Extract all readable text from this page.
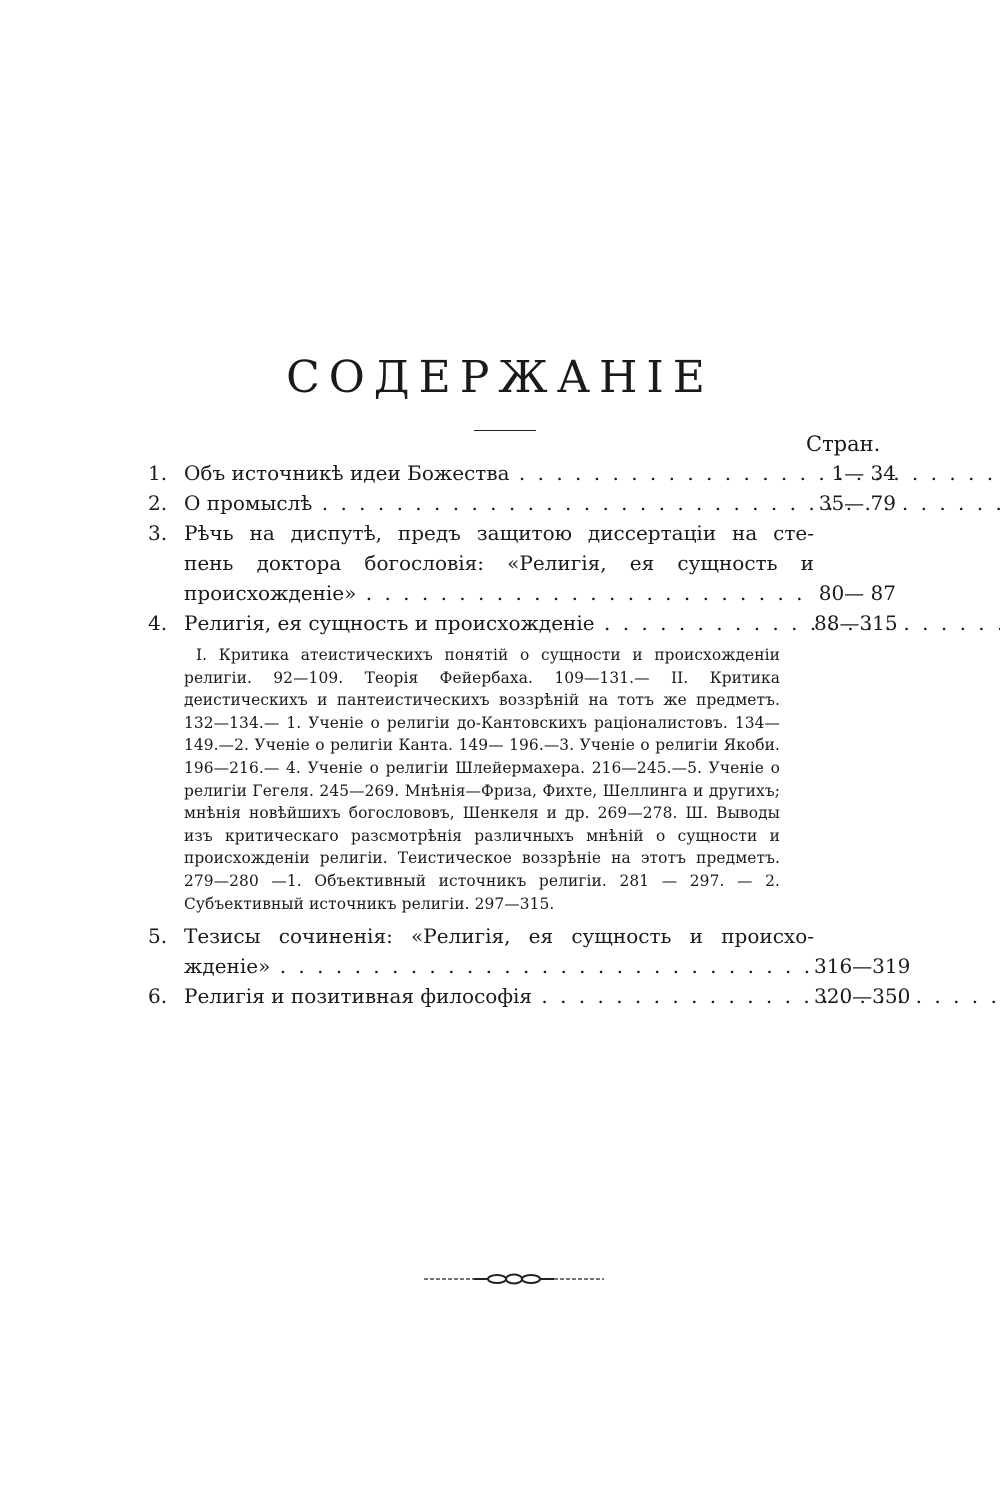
СОДЕРЖАНІЕ
Стран.
1. Объ источникѣ идеи Божества . . .	1— 34
2. О промыслѣ . . .	35— 79
3. Рѣчь на диспутѣ, предъ защитою диссертаціи на сте-
пень доктора богословія: «Религія, ея сущность и
происхожденіе» . . .	80— 87
4. Религія, ея сущность и происхожденіе . . .	88—315
I. Критика атеистическихъ понятій о сущности и происхожденіи религіи. 92—109. Теорія Фейербаха. 109—131.— II. Критика деистическихъ и пантеистическихъ воззрѣній на тотъ же предметъ. 132—134.— 1. Ученіе о религіи до-Кантовскихъ раціоналистовъ. 134— 149.—2. Ученіе о религіи Канта. 149— 196.—3. Ученіе о религіи Якоби. 196—216.— 4. Ученіе о религіи Шлейермахера. 216—245.—5. Ученіе о религіи Гегеля. 245—269. Мнѣнія—Фриза, Фихте, Шеллинга и другихъ; мнѣнія новѣйшихъ богослововъ, Шенкеля и др. 269—278. Ш. Выводы изъ критическаго разсмотрѣнія различныхъ мнѣній о сущности и происхожденіи религіи. Теистическое воззрѣніе на этотъ предметъ. 279—280 —1. Объективный источникъ религіи. 281 — 297. — 2. Субъективный источникъ религіи. 297—315.
5. Тезисы сочиненія: «Религія, ея сущность и происхо-
жденіе» . . .	316—319
6. Религія и позитивная философія . . .	320—350
